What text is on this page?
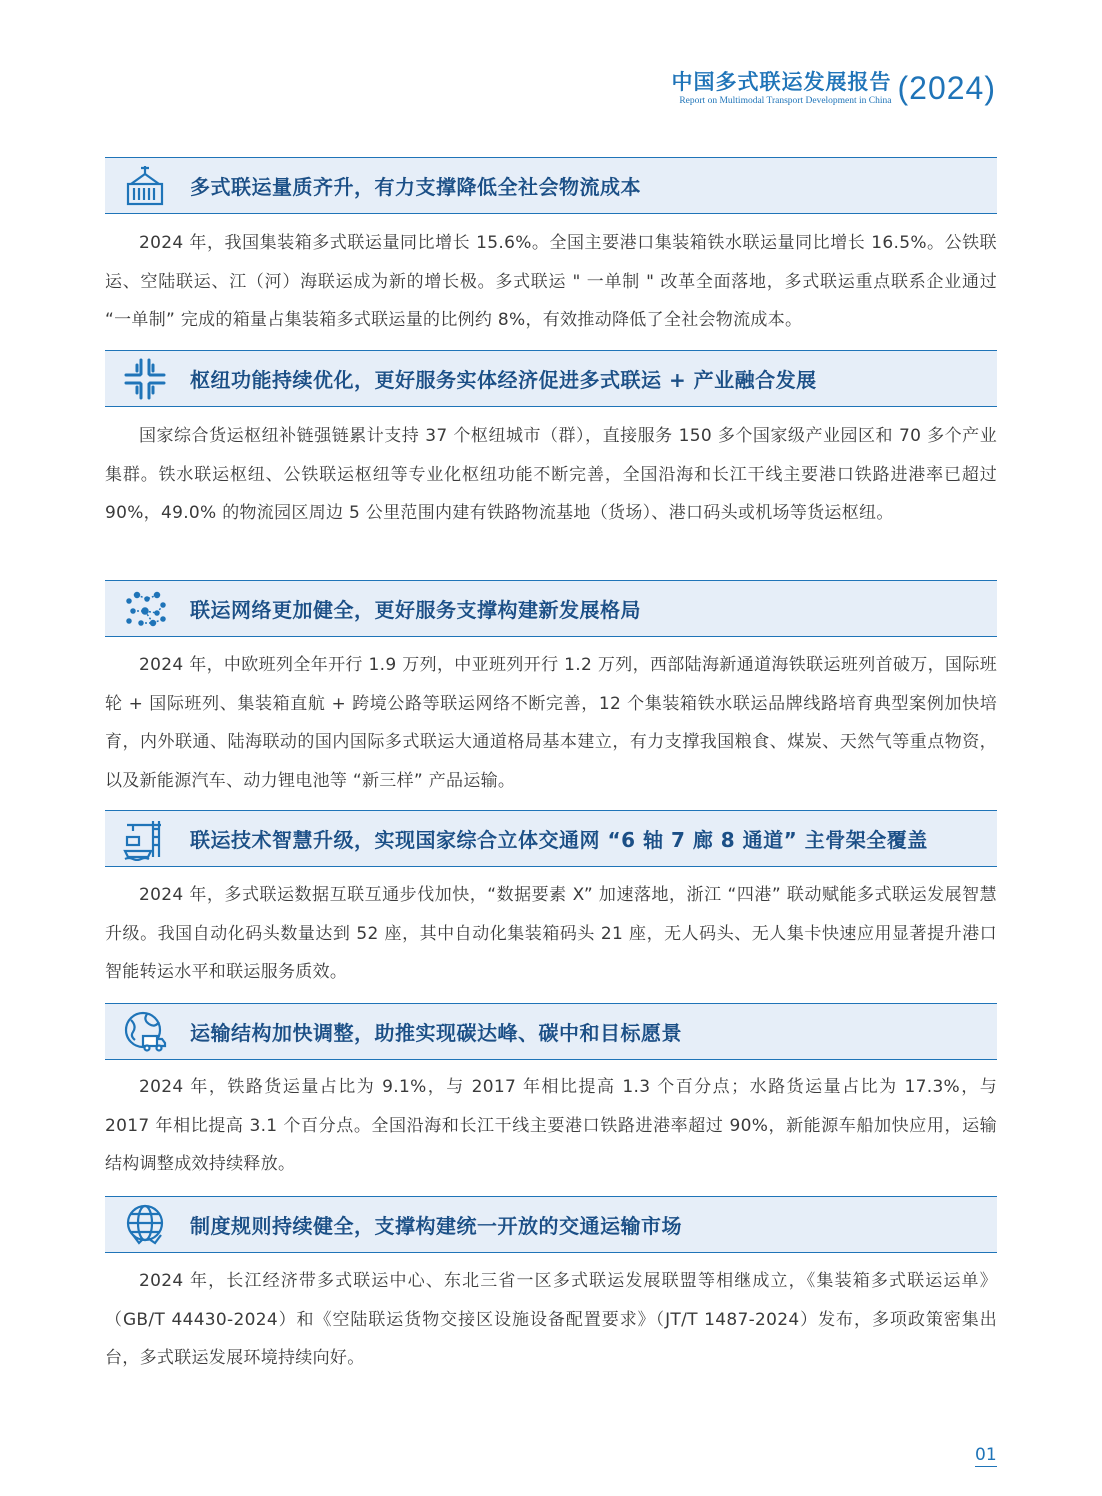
中国多式联运发展报告
Report on Multimodal Transport Development in China (2024)
多式联运量质齐升，有力支撑降低全社会物流成本

2024 年，我国集装箱多式联运量同比增长 15.6%。全国主要港口集装箱铁水联运量同比增长 16.5%。公铁联运、空陆联运、江（河）海联运成为新的增长极。多式联运 " 一单制 " 改革全面落地，多式联运重点联系企业通过 “一单制” 完成的箱量占集装箱多式联运量的比例约 8%，有效推动降低了全社会物流成本。

枢纽功能持续优化，更好服务实体经济促进多式联运 + 产业融合发展

国家综合货运枢纽补链强链累计支持 37 个枢纽城市（群），直接服务 150 多个国家级产业园区和 70 多个产业集群。铁水联运枢纽、公铁联运枢纽等专业化枢纽功能不断完善，全国沿海和长江干线主要港口铁路进港率已超过 90%，49.0% 的物流园区周边 5 公里范围内建有铁路物流基地（货场）、港口码头或机场等货运枢纽。

联运网络更加健全，更好服务支撑构建新发展格局

2024 年，中欧班列全年开行 1.9 万列，中亚班列开行 1.2 万列，西部陆海新通道海铁联运班列首破万，国际班轮 + 国际班列、集装箱直航 + 跨境公路等联运网络不断完善，12 个集装箱铁水联运品牌线路培育典型案例加快培育，内外联通、陆海联动的国内国际多式联运大通道格局基本建立，有力支撑我国粮食、煤炭、天然气等重点物资，以及新能源汽车、动力锂电池等 “新三样” 产品运输。

联运技术智慧升级，实现国家综合立体交通网 “6 轴 7 廊 8 通道” 主骨架全覆盖

2024 年，多式联运数据互联互通步伐加快，“数据要素 X” 加速落地，浙江 “四港” 联动赋能多式联运发展智慧升级。我国自动化码头数量达到 52 座，其中自动化集装箱码头 21 座，无人码头、无人集卡快速应用显著提升港口智能转运水平和联运服务质效。

运输结构加快调整，助推实现碳达峰、碳中和目标愿景

2024 年，铁路货运量占比为 9.1%，与 2017 年相比提高 1.3 个百分点；水路货运量占比为 17.3%，与 2017 年相比提高 3.1 个百分点。全国沿海和长江干线主要港口铁路进港率超过 90%，新能源车船加快应用，运输结构调整成效持续释放。

制度规则持续健全，支撑构建统一开放的交通运输市场

2024 年，长江经济带多式联运中心、东北三省一区多式联运发展联盟等相继成立，《集装箱多式联运运单》（GB/T 44430-2024）和《空陆联运货物交接区设施设备配置要求》（JT/T 1487-2024）发布，多项政策密集出台，多式联运发展环境持续向好。

01
